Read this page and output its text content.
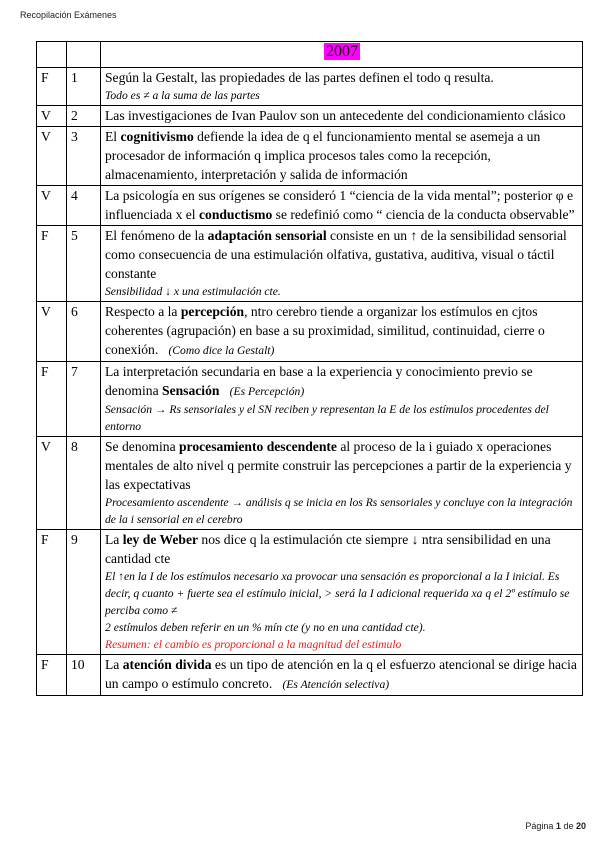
Recopilación Exámenes
		2007
F	1	Según la Gestalt, las propiedades de las partes definen el todo q resulta.
Todo es ≠ a la suma de las partes

V	2	Las investigaciones de Ivan Paulov son un antecedente del condicionamiento clásico

V	3	El cognitivismo defiende la idea de q el funcionamiento mental se asemeja a un procesador de información q implica procesos tales como la recepción, almacenamiento, interpretación y salida de información

V	4	La psicología en sus orígenes se consideró 1 “ciencia de la vida mental”; posterior φ e influenciada x el conductismo se redefinió como “ ciencia de la conducta observable”

F	5	El fenómeno de la adaptación sensorial consiste en un ↑ de la sensibilidad sensorial como consecuencia de una estimulación olfativa, gustativa, auditiva, visual o táctil constante
Sensibilidad ↓ x una estimulación cte.

V	6	Respecto a la percepción, ntro cerebro tiende a organizar los estímulos en cjtos coherentes (agrupación) en base a su proximidad, similitud, continuidad, cierre o conexión. (Como dice la Gestalt)

F	7	La interpretación secundaria en base a la experiencia y conocimiento previo se denomina Sensación (Es Percepción)
Sensación → Rs sensoriales y el SN reciben y representan la E de los estímulos procedentes del entorno

V	8	Se denomina procesamiento descendente al proceso de la i guiado x operaciones mentales de alto nivel q permite construir las percepciones a partir de la experiencia y las expectativas
Procesamiento ascendente → análisis q se inicia en los Rs sensoriales y concluye con la integración de la i sensorial en el cerebro

F	9	La ley de Weber nos dice q la estimulación cte siempre ↓ ntra sensibilidad en una cantidad cte
El ↑en la I de los estímulos necesario xa provocar una sensación es proporcional a la I inicial. Es decir, q cuanto + fuerte sea el estímulo inicial, > será la I adicional requerida xa q el 2º estímulo se perciba como ≠
2 estímulos deben referir en un % mín cte (y no en una cantidad cte).
Resumen: el cambio es proporcional a la magnitud del estimulo

F	10	La atención divida es un tipo de atención en la q el esfuerzo atencional se dirige hacia un campo o estímulo concreto. (Es Atención selectiva)
Página 1 de 20
